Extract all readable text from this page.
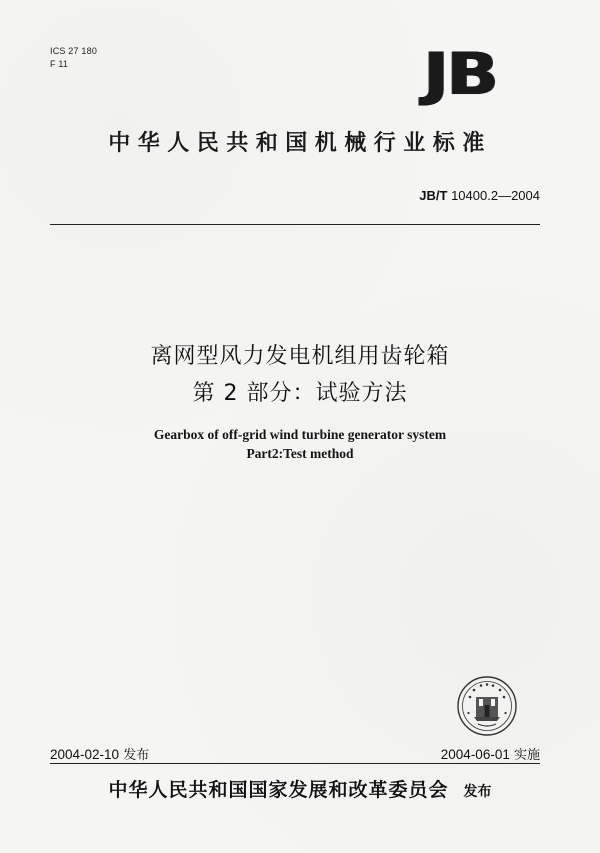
ICS 27 180
F 11	JB
中华人民共和国机械行业标准
JB/T 10400.2—2004
离网型风力发电机组用齿轮箱
第 2 部分：试验方法
Gearbox of off-grid wind turbine generator system
Part2:Test method
2004-02-10 发布	2004-06-01 实施
中华人民共和国国家发展和改革委员会 发布
